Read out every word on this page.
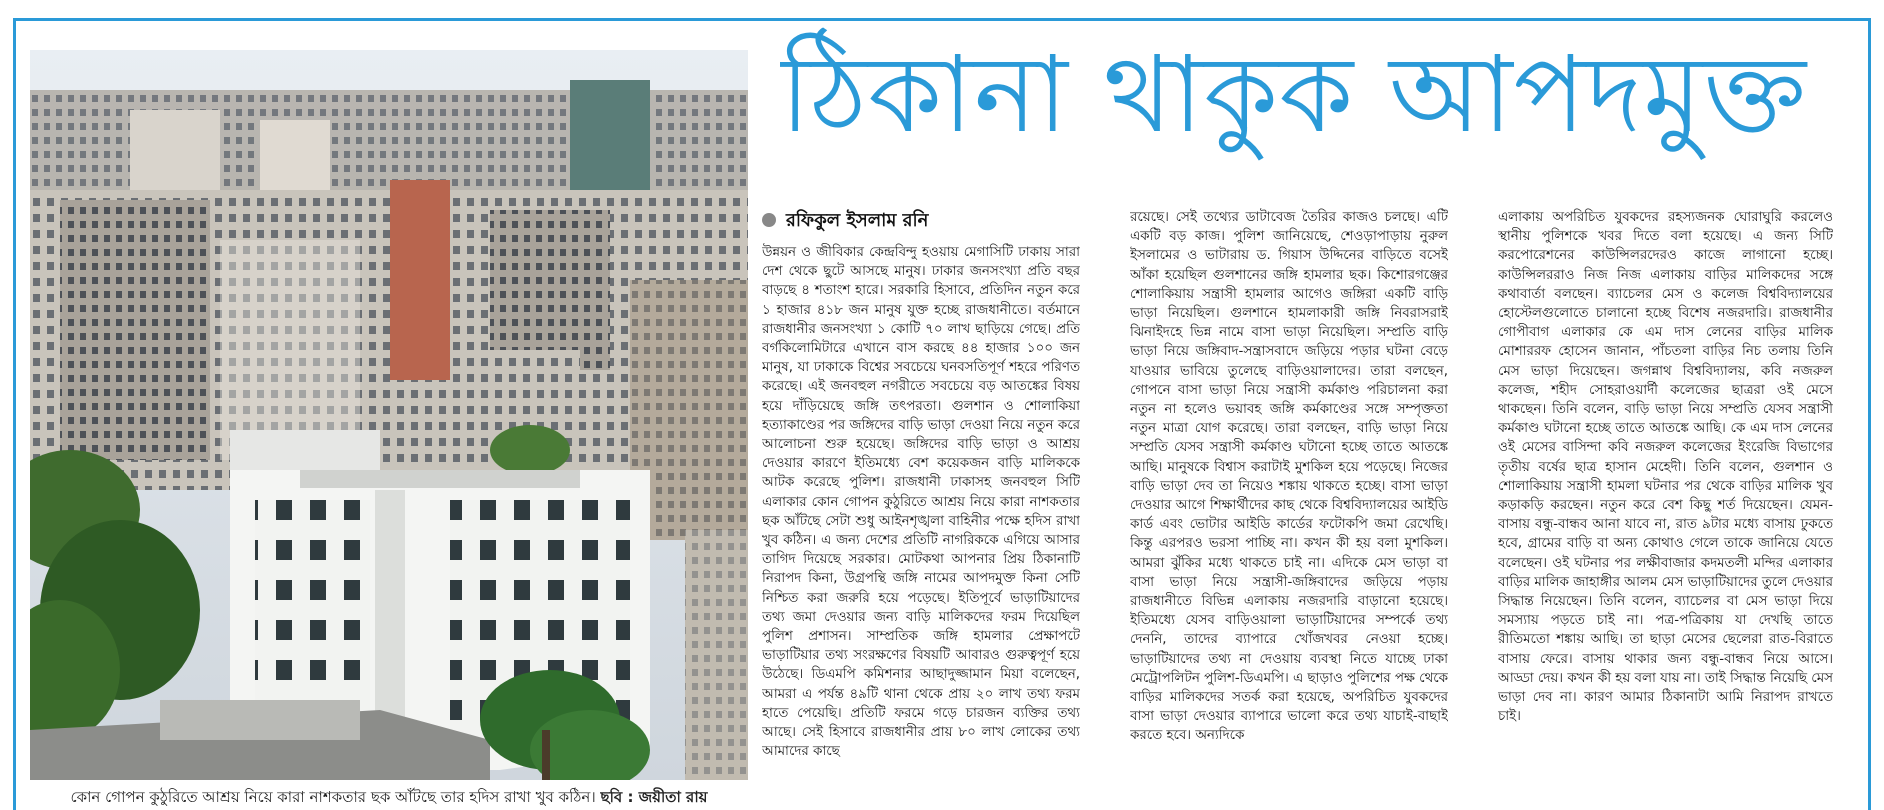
কোন গোপন কুঠুরিতে আশ্রয় নিয়ে কারা নাশকতার ছক আঁটছে তার হদিস রাখা খুব কঠিন। ছবি : জয়ীতা রায়
ঠিকানা থাকুক আপদমুক্ত
রফিকুল ইসলাম রনি

উন্নয়ন ও জীবিকার কেন্দ্রবিন্দু হওয়ায় মেগাসিটি ঢাকায় সারা দেশ থেকে ছুটে আসছে মানুষ। ঢাকার জনসংখ্যা প্রতি বছর বাড়ছে ৪ শতাংশ হারে। সরকারি হিসাবে, প্রতিদিন নতুন করে ১ হাজার ৪১৮ জন মানুষ যুক্ত হচ্ছে রাজধানীতে। বর্তমানে রাজধানীর জনসংখ্যা ১ কোটি ৭০ লাখ ছাড়িয়ে গেছে। প্রতি বর্গকিলোমিটারে এখানে বাস করছে ৪৪ হাজার ১০০ জন মানুষ, যা ঢাকাকে বিশ্বের সবচেয়ে ঘনবসতিপূর্ণ শহরে পরিণত করেছে। এই জনবহুল নগরীতে সবচেয়ে বড় আতঙ্কের বিষয় হয়ে দাঁড়িয়েছে জঙ্গি তৎপরতা। গুলশান ও শোলাকিয়া হত্যাকাণ্ডের পর জঙ্গিদের বাড়ি ভাড়া দেওয়া নিয়ে নতুন করে আলোচনা শুরু হয়েছে। জঙ্গিদের বাড়ি ভাড়া ও আশ্রয় দেওয়ার কারণে ইতিমধ্যে বেশ কয়েকজন বাড়ি মালিককে আটক করেছে পুলিশ। রাজধানী ঢাকাসহ জনবহুল সিটি এলাকার কোন গোপন কুঠুরিতে আশ্রয় নিয়ে কারা নাশকতার ছক আঁটছে সেটা শুধু আইনশৃঙ্খলা বাহিনীর পক্ষে হদিস রাখা খুব কঠিন। এ জন্য দেশের প্রতিটি নাগরিককে এগিয়ে আসার তাগিদ দিয়েছে সরকার। মোটকথা আপনার প্রিয় ঠিকানাটি নিরাপদ কিনা, উগ্রপন্থি জঙ্গি নামের আপদমুক্ত কিনা সেটি নিশ্চিত করা জরুরি হয়ে পড়েছে। ইতিপূর্বে ভাড়াটিয়াদের তথ্য জমা দেওয়ার জন্য বাড়ি মালিকদের ফরম দিয়েছিল পুলিশ প্রশাসন। সাম্প্রতিক জঙ্গি হামলার প্রেক্ষাপটে ভাড়াটিয়ার তথ্য সংরক্ষণের বিষয়টি আবারও গুরুত্বপূর্ণ হয়ে উঠেছে। ডিএমপি কমিশনার আছাদুজ্জামান মিয়া বলেছেন, আমরা এ পর্যন্ত ৪৯টি থানা থেকে প্রায় ২০ লাখ তথ্য ফরম হাতে পেয়েছি। প্রতিটি ফরমে গড়ে চারজন ব্যক্তির তথ্য আছে। সেই হিসাবে রাজধানীর প্রায় ৮০ লাখ লোকের তথ্য আমাদের কাছে

রয়েছে। সেই তথ্যের ডাটাবেজ তৈরির কাজও চলছে। এটি একটি বড় কাজ। পুলিশ জানিয়েছে, শেওড়াপাড়ায় নুরুল ইসলামের ও ভাটারায় ড. গিয়াস উদ্দিনের বাড়িতে বসেই আঁকা হয়েছিল গুলশানের জঙ্গি হামলার ছক। কিশোরগঞ্জের শোলাকিয়ায় সন্ত্রাসী হামলার আগেও জঙ্গিরা একটি বাড়ি ভাড়া নিয়েছিল। গুলশানে হামলাকারী জঙ্গি নিবরাসরাই ঝিনাইদহে ভিন্ন নামে বাসা ভাড়া নিয়েছিল। সম্প্রতি বাড়ি ভাড়া নিয়ে জঙ্গিবাদ-সন্ত্রাসবাদে জড়িয়ে পড়ার ঘটনা বেড়ে যাওয়ার ভাবিয়ে তুলেছে বাড়িওয়ালাদের। তারা বলছেন, গোপনে বাসা ভাড়া নিয়ে সন্ত্রাসী কর্মকাণ্ড পরিচালনা করা নতুন না হলেও ভয়াবহ জঙ্গি কর্মকাণ্ডের সঙ্গে সম্পৃক্ততা নতুন মাত্রা যোগ করেছে। তারা বলছেন, বাড়ি ভাড়া নিয়ে সম্প্রতি যেসব সন্ত্রাসী কর্মকাণ্ড ঘটানো হচ্ছে তাতে আতঙ্কে আছি। মানুষকে বিশ্বাস করাটাই মুশকিল হয়ে পড়েছে। নিজের বাড়ি ভাড়া দেব তা নিয়েও শঙ্কায় থাকতে হচ্ছে। বাসা ভাড়া দেওয়ার আগে শিক্ষার্থীদের কাছ থেকে বিশ্ববিদ্যালয়ের আইডি কার্ড এবং ভোটার আইডি কার্ডের ফটোকপি জমা রেখেছি। কিন্তু এরপরও ভরসা পাচ্ছি না। কখন কী হয় বলা মুশকিল। আমরা ঝুঁকির মধ্যে থাকতে চাই না। এদিকে মেস ভাড়া বা বাসা ভাড়া নিয়ে সন্ত্রাসী-জঙ্গিবাদের জড়িয়ে পড়ায় রাজধানীতে বিভিন্ন এলাকায় নজরদারি বাড়ানো হয়েছে। ইতিমধ্যে যেসব বাড়িওয়ালা ভাড়াটিয়াদের সম্পর্কে তথ্য দেননি, তাদের ব্যাপারে খোঁজখবর নেওয়া হচ্ছে। ভাড়াটিয়াদের তথ্য না দেওয়ায় ব্যবস্থা নিতে যাচ্ছে ঢাকা মেট্রোপলিটন পুলিশ-ডিএমপি। এ ছাড়াও পুলিশের পক্ষ থেকে বাড়ির মালিকদের সতর্ক করা হয়েছে, অপরিচিত যুবকদের বাসা ভাড়া দেওয়ার ব্যাপারে ভালো করে তথ্য যাচাই-বাছাই করতে হবে। অন্যদিকে

এলাকায় অপরিচিত যুবকদের রহস্যজনক ঘোরাঘুরি করলেও স্থানীয় পুলিশকে খবর দিতে বলা হয়েছে। এ জন্য সিটি করপোরেশনের কাউন্সিলরদেরও কাজে লাগানো হচ্ছে। কাউন্সিলররাও নিজ নিজ এলাকায় বাড়ির মালিকদের সঙ্গে কথাবার্তা বলছেন। ব্যাচেলর মেস ও কলেজ বিশ্ববিদ্যালয়ের হোস্টেলগুলোতে চালানো হচ্ছে বিশেষ নজরদারি। রাজধানীর গোপীবাগ এলাকার কে এম দাস লেনের বাড়ির মালিক মোশাররফ হোসেন জানান, পাঁচতলা বাড়ির নিচ তলায় তিনি মেস ভাড়া দিয়েছেন। জগন্নাথ বিশ্ববিদ্যালয়, কবি নজরুল কলেজ, শহীদ সোহরাওয়ার্দী কলেজের ছাত্ররা ওই মেসে থাকছেন। তিনি বলেন, বাড়ি ভাড়া নিয়ে সম্প্রতি যেসব সন্ত্রাসী কর্মকাণ্ড ঘটানো হচ্ছে তাতে আতঙ্কে আছি। কে এম দাস লেনের ওই মেসের বাসিন্দা কবি নজরুল কলেজের ইংরেজি বিভাগের তৃতীয় বর্ষের ছাত্র হাসান মেহেদী। তিনি বলেন, গুলশান ও শোলাকিয়ায় সন্ত্রাসী হামলা ঘটনার পর থেকে বাড়ির মালিক খুব কড়াকড়ি করছেন। নতুন করে বেশ কিছু শর্ত দিয়েছেন। যেমন- বাসায় বন্ধু-বান্ধব আনা যাবে না, রাত ৯টার মধ্যে বাসায় ঢুকতে হবে, গ্রামের বাড়ি বা অন্য কোথাও গেলে তাকে জানিয়ে যেতে বলেছেন। ওই ঘটনার পর লক্ষীবাজার কদমতলী মন্দির এলাকার বাড়ির মালিক জাহাঙ্গীর আলম মেস ভাড়াটিয়াদের তুলে দেওয়ার সিদ্ধান্ত নিয়েছেন। তিনি বলেন, ব্যাচেলর বা মেস ভাড়া দিয়ে সমস্যায় পড়তে চাই না। পত্র-পত্রিকায় যা দেখছি তাতে রীতিমতো শঙ্কায় আছি। তা ছাড়া মেসের ছেলেরা রাত-বিরাতে বাসায় ফেরে। বাসায় থাকার জন্য বন্ধু-বান্ধব নিয়ে আসে। আড্ডা দেয়। কখন কী হয় বলা যায় না। তাই সিদ্ধান্ত নিয়েছি মেস ভাড়া দেব না। কারণ আমার ঠিকানাটা আমি নিরাপদ রাখতে চাই।
